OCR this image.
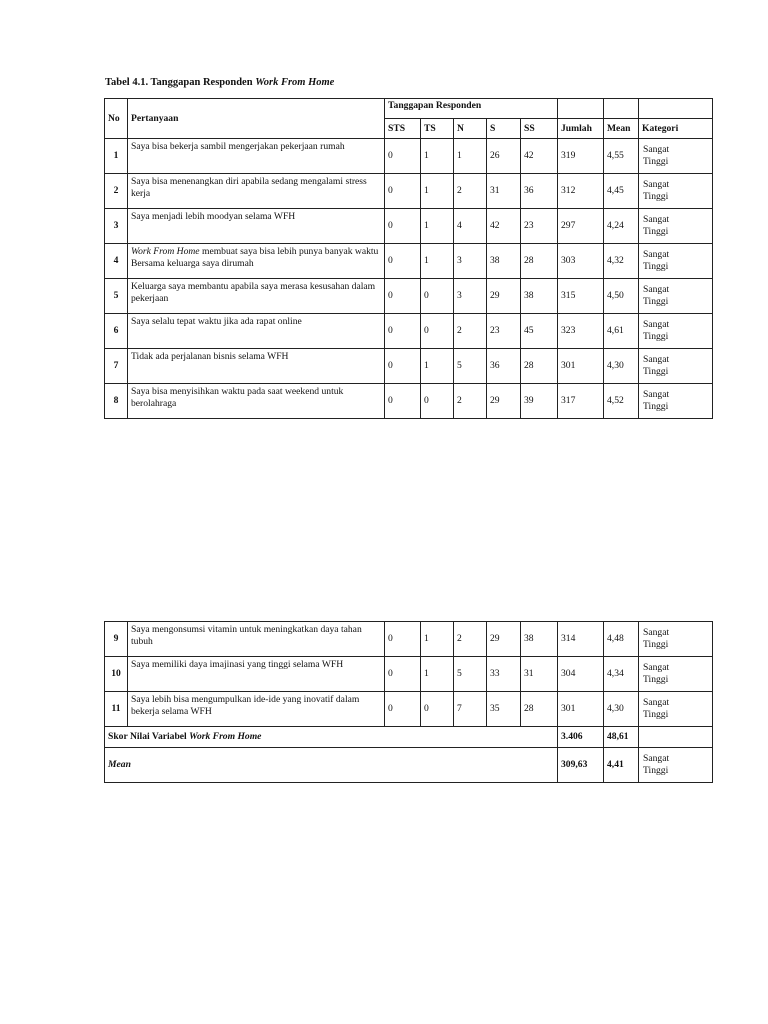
Tabel 4.1. Tanggapan Responden Work From Home
No	Pertanyaan	Tanggapan Responden							
		STS	TS	N	S	SS	Jumlah	Mean	Kategori
1	Saya bisa bekerja sambil mengerjakan pekerjaan rumah	0	1	1	26	42	319	4,55	Sangat
Tinggi
2	Saya bisa menenangkan diri apabila sedang mengalami stress kerja	0	1	2	31	36	312	4,45	Sangat
Tinggi
3	Saya menjadi lebih moodyan selama WFH	0	1	4	42	23	297	4,24	Sangat
Tinggi
4	Work From Home membuat saya bisa lebih punya banyak waktu Bersama keluarga saya dirumah	0	1	3	38	28	303	4,32	Sangat
Tinggi
5	Keluarga saya membantu apabila saya merasa kesusahan dalam pekerjaan	0	0	3	29	38	315	4,50	Sangat
Tinggi
6	Saya selalu tepat waktu jika ada rapat online	0	0	2	23	45	323	4,61	Sangat
Tinggi
7	Tidak ada perjalanan bisnis selama WFH	0	1	5	36	28	301	4,30	Sangat
Tinggi
8	Saya bisa menyisihkan waktu pada saat weekend untuk berolahraga	0	0	2	29	39	317	4,52	Sangat
Tinggi
9	Saya mengonsumsi vitamin untuk meningkatkan daya tahan tubuh	0	1	2	29	38	314	4,48	Sangat
Tinggi
10	Saya memiliki daya imajinasi yang tinggi selama WFH	0	1	5	33	31	304	4,34	Sangat
Tinggi
11	Saya lebih bisa mengumpulkan ide-ide yang inovatif dalam bekerja selama WFH	0	0	7	35	28	301	4,30	Sangat
Tinggi
Skor Nilai Variabel Work From Home							3.406	48,61	
Mean							309,63	4,41	Sangat
Tinggi
